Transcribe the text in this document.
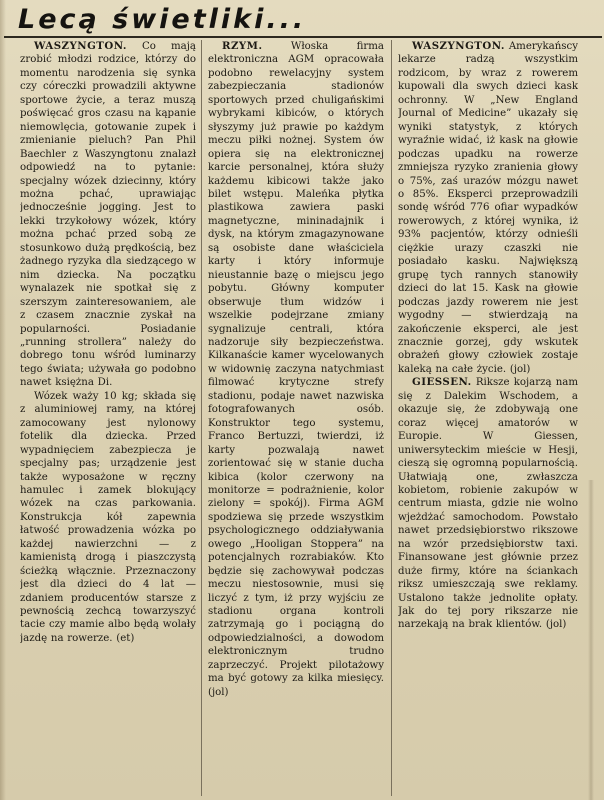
Lecą świetliki...

WASZYNGTON. Co mają zrobić młodzi rodzice, którzy do momentu narodzenia się synka czy córeczki prowadzili aktywne sportowe życie, a teraz muszą poświęcać gros czasu na kąpanie niemowlęcia, gotowanie zupek i zmienianie pieluch? Pan Phil Baechler z Waszyngtonu znalazł odpowiedź na to pytanie: specjalny wózek dziecinny, który można pchać, uprawiając jednocześnie jogging. Jest to lekki trzykołowy wózek, który można pchać przed sobą ze stosunkowo dużą prędkością, bez żadnego ryzyka dla siedzącego w nim dziecka. Na początku wynalazek nie spotkał się z szerszym zainteresowaniem, ale z czasem znacznie zyskał na popularności. Posiadanie „running strollera” należy do dobrego tonu wśród luminarzy tego świata; używała go podobno nawet księżna Di.

Wózek waży 10 kg; składa się z aluminiowej ramy, na której zamocowany jest nylonowy fotelik dla dziecka. Przed wypadnięciem zabezpiecza je specjalny pas; urządzenie jest także wyposażone w ręczny hamulec i zamek blokujący wózek na czas parkowania. Konstrukcja kół zapewnia łatwość prowadzenia wózka po każdej nawierzchni — z kamienistą drogą i piaszczystą ścieżką włącznie. Przeznaczony jest dla dzieci do 4 lat — zdaniem producentów starsze z pewnością zechcą towarzyszyć tacie czy mamie albo będą wolały jazdę na rowerze. (et)

RZYM.	Włoska firma elektroniczna AGM opracowała podobno rewelacyjny system zabezpieczania stadionów sportowych przed chuligańskimi wybrykami kibiców, o których słyszymy już prawie po każdym meczu piłki nożnej. System ów opiera się na elektronicznej karcie personalnej, która służy każdemu kibicowi także jako bilet wstępu. Maleńka płytka plastikowa zawiera paski magnetyczne, mininadajnik i dysk, na którym zmagazynowane są osobiste dane właściciela karty i który informuje nieustannie bazę o miejscu jego pobytu. Główny komputer obserwuje tłum widzów i wszelkie podejrzane zmiany sygnalizuje centrali, która nadzoruje siły bezpieczeństwa. Kilkanaście kamer wycelowanych w widownię zaczyna natychmiast filmować krytyczne strefy stadionu, podaje nawet nazwiska fotografowanych osób. Konstruktor tego systemu, Franco Bertuzzi, twierdzi, iż karty pozwalają nawet zorientować się w stanie ducha kibica (kolor czerwony na monitorze = podrażnienie, kolor zielony = spokój). Firma AGM spodziewa się przede wszystkim psychologicznego oddziaływania owego „Hooligan Stoppera” na potencjalnych rozrabiaków. Kto będzie się zachowywał podczas meczu niestosownie, musi się liczyć z tym, iż przy wyjściu ze stadionu organa kontroli zatrzymają go i pociągną do odpowiedzialności, a dowodom elektronicznym trudno zaprzeczyć. Projekt pilotażowy ma być gotowy za kilka miesięcy. (jol)

WASZYNGTON. Amerykańscy lekarze radzą wszystkim rodzicom, by wraz z rowerem kupowali dla swych dzieci kask ochronny. W „New England Journal of Medicine” ukazały się wyniki statystyk, z których wyraźnie widać, iż kask na głowie podczas upadku na rowerze zmniejsza ryzyko zranienia głowy o 75%, zaś urazów mózgu nawet o 85%. Eksperci przeprowadzili sondę wśród 776 ofiar wypadków rowerowych, z której wynika, iż 93% pacjentów, którzy odnieśli ciężkie urazy czaszki nie posiadało kasku. Największą grupę tych rannych stanowiły dzieci do lat 15. Kask na głowie podczas jazdy rowerem nie jest wygodny — stwierdzają na zakończenie eksperci, ale jest znacznie gorzej, gdy wskutek obrażeń głowy człowiek zostaje kaleką na całe życie. (jol)

GIESSEN. Riksze kojarzą nam się z Dalekim Wschodem, a okazuje się, że zdobywają one coraz więcej amatorów w Europie. W Giessen, uniwersyteckim mieście w Hesji, cieszą się ogromną popularnością. Ułatwiają one, zwłaszcza kobietom, robienie zakupów w centrum miasta, gdzie nie wolno wjeżdżać samochodom. Powstało nawet przedsiębiorstwo rikszowe na wzór przedsiębiorstw taxi. Finansowane jest głównie przez duże firmy, które na ściankach riksz umieszczają swe reklamy. Ustalono także jednolite opłaty. Jak do tej pory rikszarze nie narzekają na brak klientów. (jol)
